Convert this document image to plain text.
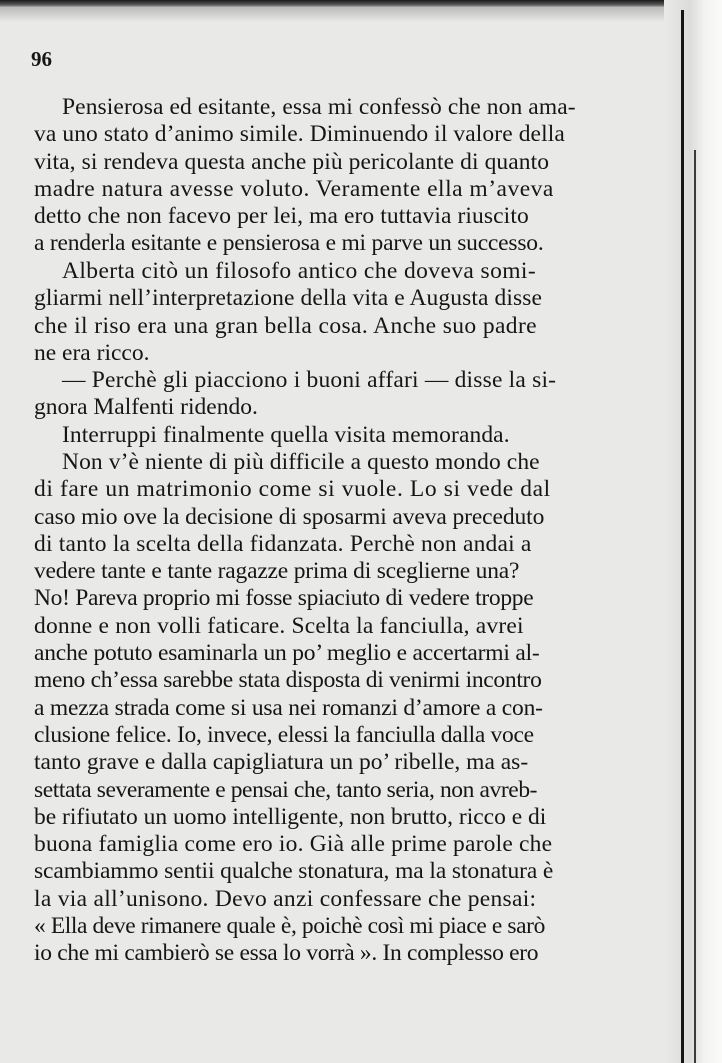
96
Pensierosa ed esitante, essa mi confessò che non ama-
va uno stato d’animo simile. Diminuendo il valore della
vita, si rendeva questa anche più pericolante di quanto
madre natura avesse voluto. Veramente ella m’aveva
detto che non facevo per lei, ma ero tuttavia riuscito
a renderla esitante e pensierosa e mi parve un successo.
Alberta citò un filosofo antico che doveva somi-
gliarmi nell’interpretazione della vita e Augusta disse
che il riso era una gran bella cosa. Anche suo padre
ne era ricco.
— Perchè gli piacciono i buoni affari — disse la si-
gnora Malfenti ridendo.
Interruppi finalmente quella visita memoranda.
Non v’è niente di più difficile a questo mondo che
di fare un matrimonio come si vuole. Lo si vede dal
caso mio ove la decisione di sposarmi aveva preceduto
di tanto la scelta della fidanzata. Perchè non andai a
vedere tante e tante ragazze prima di sceglierne una?
No! Pareva proprio mi fosse spiaciuto di vedere troppe
donne e non volli faticare. Scelta la fanciulla, avrei
anche potuto esaminarla un po’ meglio e accertarmi al-
meno ch’essa sarebbe stata disposta di venirmi incontro
a mezza strada come si usa nei romanzi d’amore a con-
clusione felice. Io, invece, elessi la fanciulla dalla voce
tanto grave e dalla capigliatura un po’ ribelle, ma as-
settata severamente e pensai che, tanto seria, non avreb-
be rifiutato un uomo intelligente, non brutto, ricco e di
buona famiglia come ero io. Già alle prime parole che
scambiammo sentii qualche stonatura, ma la stonatura è
la via all’unisono. Devo anzi confessare che pensai:
« Ella deve rimanere quale è, poichè così mi piace e sarò
io che mi cambierò se essa lo vorrà ». In complesso ero
